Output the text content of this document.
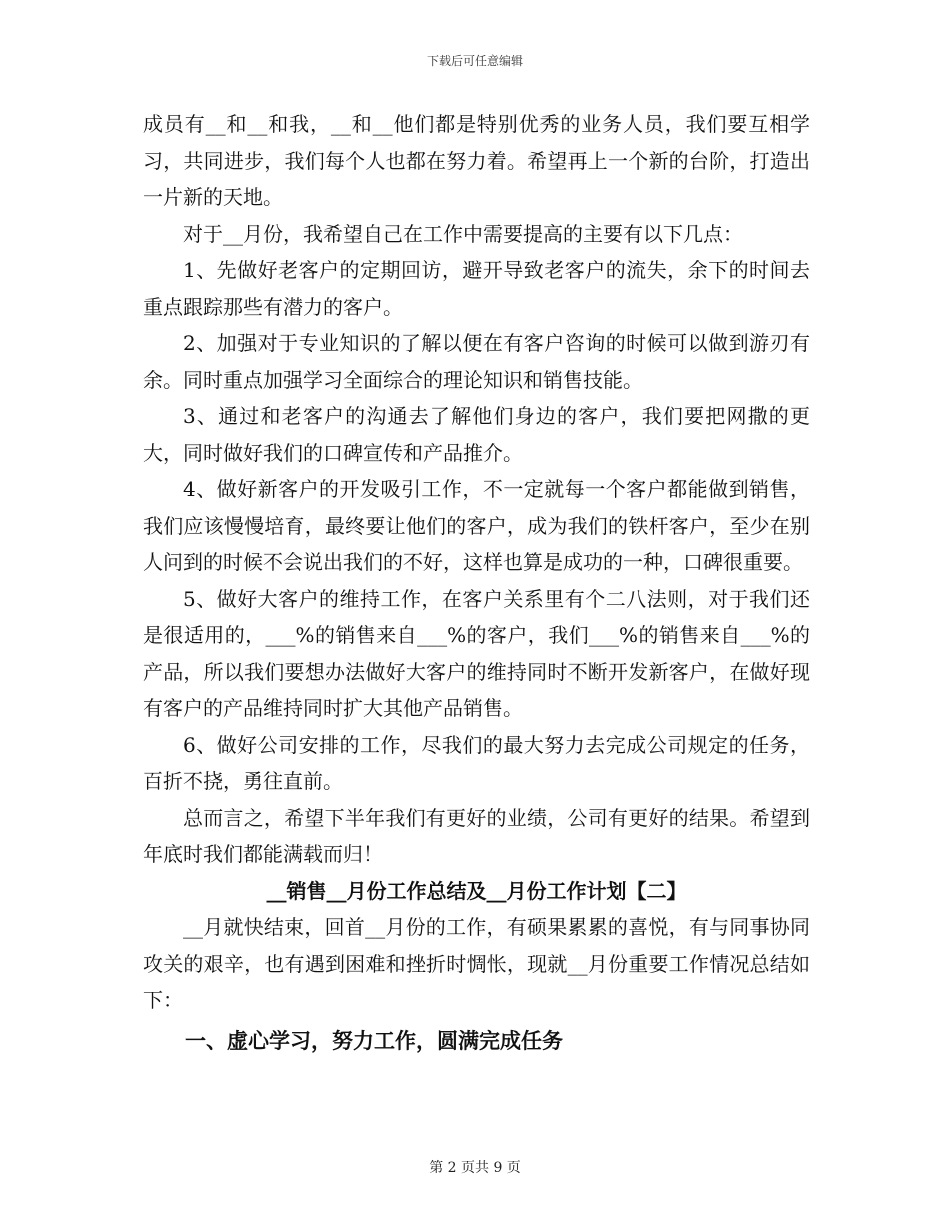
下载后可任意编辑

成员有__和__和我，__和__他们都是特别优秀的业务人员，我们要互相学习，共同进步，我们每个人也都在努力着。希望再上一个新的台阶，打造出一片新的天地。

对于__月份，我希望自己在工作中需要提高的主要有以下几点：

1、先做好老客户的定期回访，避开导致老客户的流失，余下的时间去重点跟踪那些有潜力的客户。

2、加强对于专业知识的了解以便在有客户咨询的时候可以做到游刃有余。同时重点加强学习全面综合的理论知识和销售技能。

3、通过和老客户的沟通去了解他们身边的客户，我们要把网撒的更大，同时做好我们的口碑宣传和产品推介。

4、做好新客户的开发吸引工作，不一定就每一个客户都能做到销售，我们应该慢慢培育，最终要让他们的客户，成为我们的铁杆客户，至少在别人问到的时候不会说出我们的不好，这样也算是成功的一种，口碑很重要。

5、做好大客户的维持工作，在客户关系里有个二八法则，对于我们还是很适用的，___%的销售来自___%的客户，我们___%的销售来自___%的产品，所以我们要想办法做好大客户的维持同时不断开发新客户，在做好现有客户的产品维持同时扩大其他产品销售。

6、做好公司安排的工作，尽我们的最大努力去完成公司规定的任务，百折不挠，勇往直前。

总而言之，希望下半年我们有更好的业绩，公司有更好的结果。希望到年底时我们都能满载而归！

__销售__月份工作总结及__月份工作计划【二】

__月就快结束，回首__月份的工作，有硕果累累的喜悦，有与同事协同攻关的艰辛，也有遇到困难和挫折时惆怅，现就__月份重要工作情况总结如下：

一、虚心学习，努力工作，圆满完成任务

第 2 页共 9 页
